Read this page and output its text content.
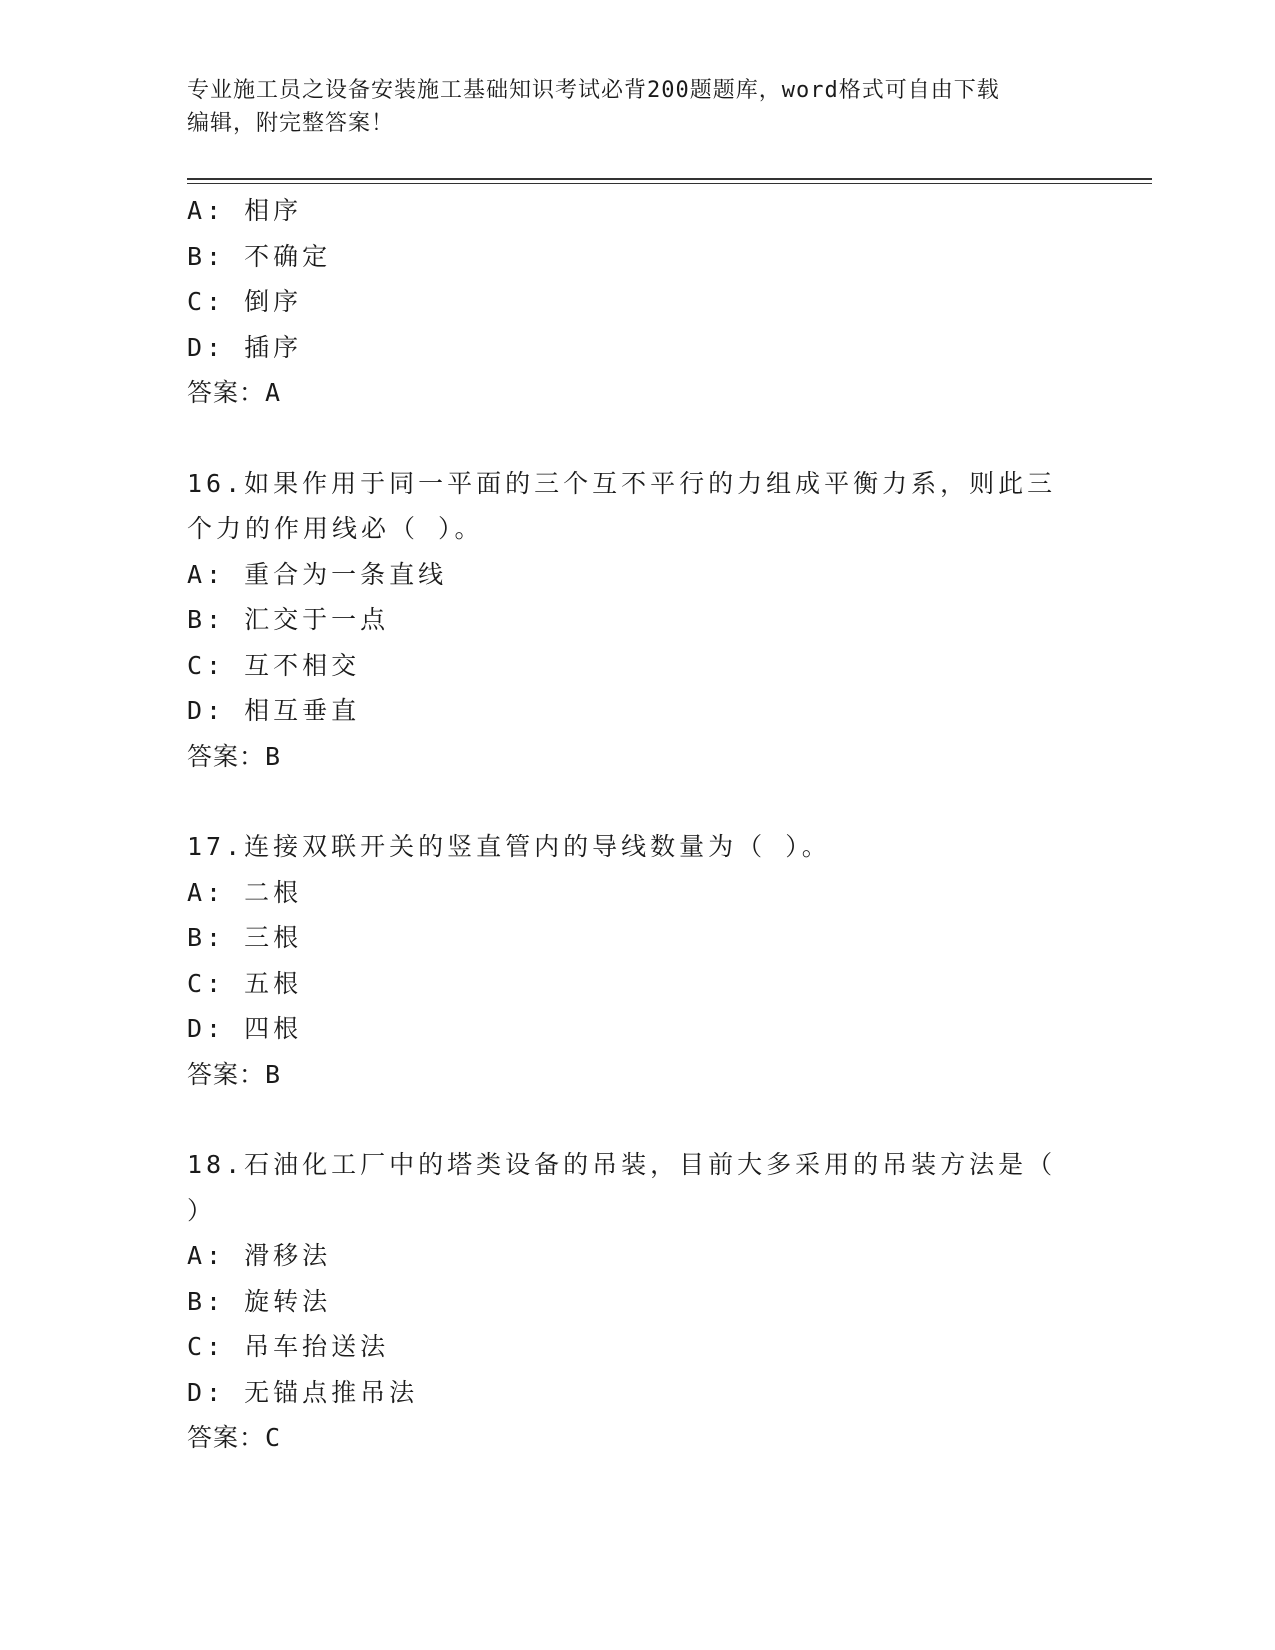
专业施工员之设备安装施工基础知识考试必背200题题库，word格式可自由下载
编辑，附完整答案！
A: 相序
B: 不确定
C: 倒序
D: 插序
答案：A
16.如果作用于同一平面的三个互不平行的力组成平衡力系，则此三个力的作用线必（ ）。
A: 重合为一条直线
B: 汇交于一点
C: 互不相交
D: 相互垂直
答案：B
17.连接双联开关的竖直管内的导线数量为（ ）。
A: 二根
B: 三根
C: 五根
D: 四根
答案：B
18.石油化工厂中的塔类设备的吊装，目前大多采用的吊装方法是（ ）
A: 滑移法
B: 旋转法
C: 吊车抬送法
D: 无锚点推吊法
答案：C
